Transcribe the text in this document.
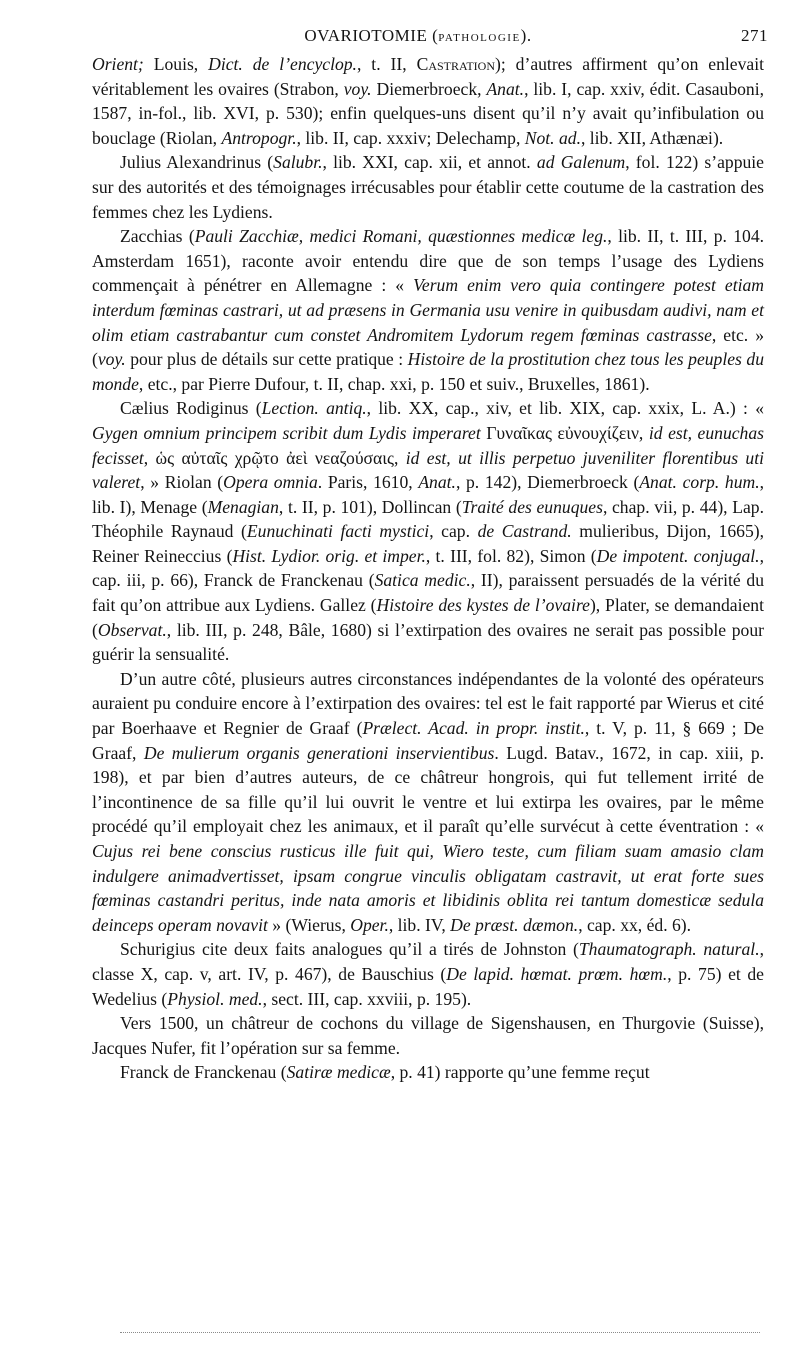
OVARIOTOMIE (PATHOLOGIE).	271

Orient; Louis, Dict. de l’encyclop., t. II, Castration); d’autres affirment qu’on enlevait véritablement les ovaires (Strabon, voy. Diemerbroeck, Anat., lib. I, cap. xxiv, édit. Casauboni, 1587, in-fol., lib. XVI, p. 530); enfin quelques-uns disent qu’il n’y avait qu’infibulation ou bouclage (Riolan, Antropogr., lib. II, cap. xxxiv; Delechamp, Not. ad., lib. XII, Athænæi).

Julius Alexandrinus (Salubr., lib. XXI, cap. xii, et annot. ad Galenum, fol. 122) s’appuie sur des autorités et des témoignages irrécusables pour établir cette coutume de la castration des femmes chez les Lydiens.

Zacchias (Pauli Zacchiæ, medici Romani, quæstionnes medicæ leg., lib. II, t. III, p. 104. Amsterdam 1651), raconte avoir entendu dire que de son temps l’usage des Lydiens commençait à pénétrer en Allemagne : « Verum enim vero quia contingere potest etiam interdum fœminas castrari, ut ad præsens in Germania usu venire in quibusdam audivi, nam et olim etiam castrabantur cum constet Andromitem Lydorum regem fœminas castrasse, etc. » (voy. pour plus de détails sur cette pratique : Histoire de la prostitution chez tous les peuples du monde, etc., par Pierre Dufour, t. II, chap. xxi, p. 150 et suiv., Bruxelles, 1861).

Cælius Rodiginus (Lection. antiq., lib. XX, cap., xiv, et lib. XIX, cap. xxix, L. A.) : « Gygen omnium principem scribit dum Lydis imperaret Γυναῖκας εὐνουχίζειν, id est, eunuchas fecisset, ὡς αὐταῖς χρῷτο ἀεὶ νεαζούσαις, id est, ut illis perpetuo juveniliter florentibus uti valeret, » Riolan (Opera omnia. Paris, 1610, Anat., p. 142), Diemerbroeck (Anat. corp. hum., lib. I), Menage (Menagian, t. II, p. 101), Dollincan (Traité des eunuques, chap. vii, p. 44), Lap. Théophile Raynaud (Eunuchinati facti mystici, cap. de Castrand. mulieribus, Dijon, 1665), Reiner Reineccius (Hist. Lydior. orig. et imper., t. III, fol. 82), Simon (De impotent. conjugal., cap. iii, p. 66), Franck de Franckenau (Satica medic., II), paraissent persuadés de la vérité du fait qu’on attribue aux Lydiens. Gallez (Histoire des kystes de l’ovaire), Plater, se demandaient (Observat., lib. III, p. 248, Bâle, 1680) si l’extirpation des ovaires ne serait pas possible pour guérir la sensualité.

D’un autre côté, plusieurs autres circonstances indépendantes de la volonté des opérateurs auraient pu conduire encore à l’extirpation des ovaires: tel est le fait rapporté par Wierus et cité par Boerhaave et Regnier de Graaf (Prælect. Acad. in propr. instit., t. V, p. 11, § 669 ; De Graaf, De mulierum organis generationi inservientibus. Lugd. Batav., 1672, in cap. xiii, p. 198), et par bien d’autres auteurs, de ce châtreur hongrois, qui fut tellement irrité de l’incontinence de sa fille qu’il lui ouvrit le ventre et lui extirpa les ovaires, par le même procédé qu’il employait chez les animaux, et il paraît qu’elle survécut à cette éventration : « Cujus rei bene conscius rusticus ille fuit qui, Wiero teste, cum filiam suam amasio clam indulgere animadvertisset, ipsam congrue vinculis obligatam castravit, ut erat forte sues fœminas castandri peritus, inde nata amoris et libidinis oblita rei tantum domesticæ sedula deinceps operam novavit » (Wierus, Oper., lib. IV, De præst. dæmon., cap. xx, éd. 6).

Schurigius cite deux faits analogues qu’il a tirés de Johnston (Thaumatograph. natural., classe X, cap. v, art. IV, p. 467), de Bauschius (De lapid. hœmat. prœm. hœm., p. 75) et de Wedelius (Physiol. med., sect. III, cap. xxviii, p. 195).

Vers 1500, un châtreur de cochons du village de Sigenshausen, en Thurgovie (Suisse), Jacques Nufer, fit l’opération sur sa femme.

Franck de Franckenau (Satiræ medicæ, p. 41) rapporte qu’une femme reçut
